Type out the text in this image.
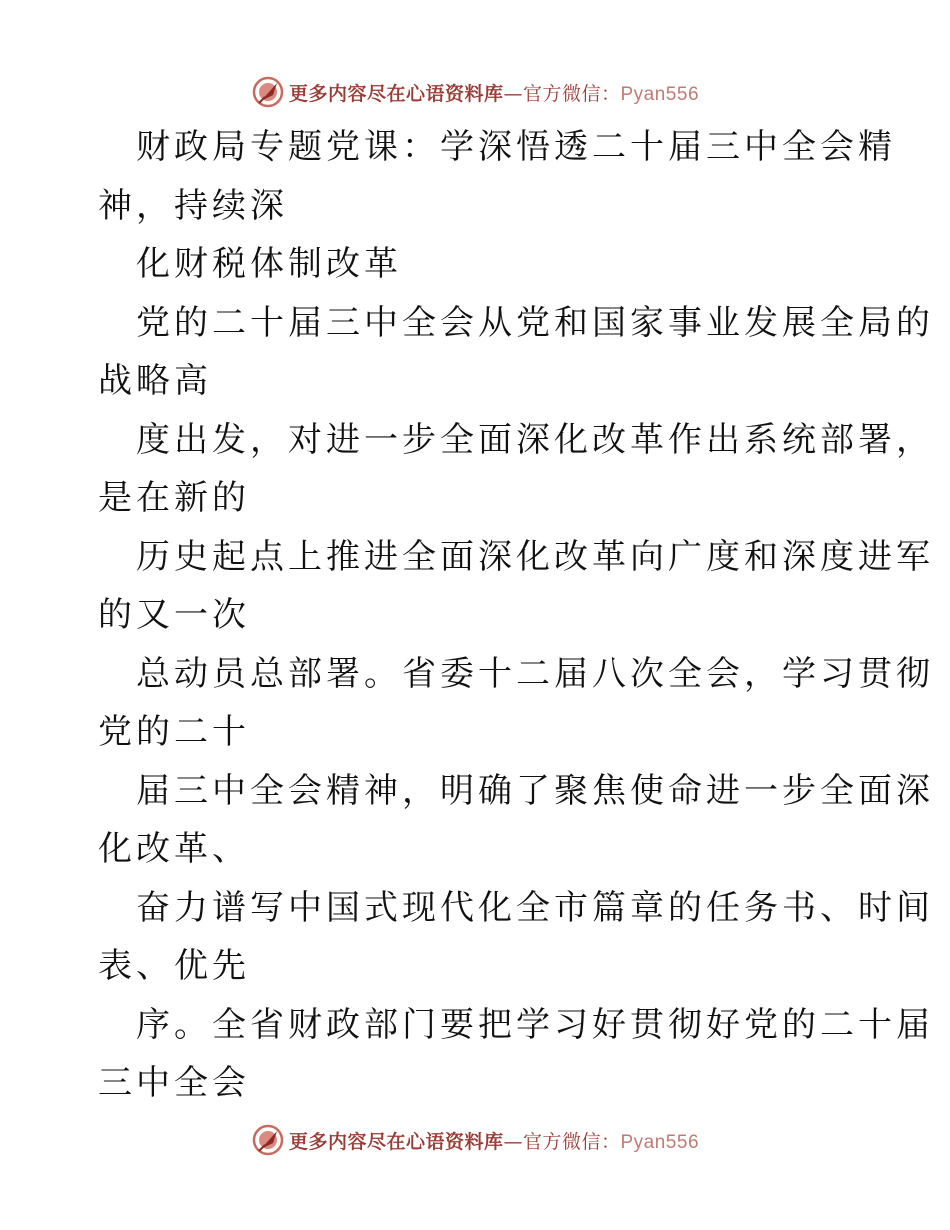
更多内容尽在心语资料库—官方微信：Pyan556
财政局专题党课：学深悟透二十届三中全会精
神，持续深
化财税体制改革
党的二十届三中全会从党和国家事业发展全局的
战略高
度出发，对进一步全面深化改革作出系统部署，
是在新的
历史起点上推进全面深化改革向广度和深度进军
的又一次
总动员总部署。省委十二届八次全会，学习贯彻
党的二十
届三中全会精神，明确了聚焦使命进一步全面深
化改革、
奋力谱写中国式现代化全市篇章的任务书、时间
表、优先
序。全省财政部门要把学习好贯彻好党的二十届
三中全会
更多内容尽在心语资料库—官方微信：Pyan556
